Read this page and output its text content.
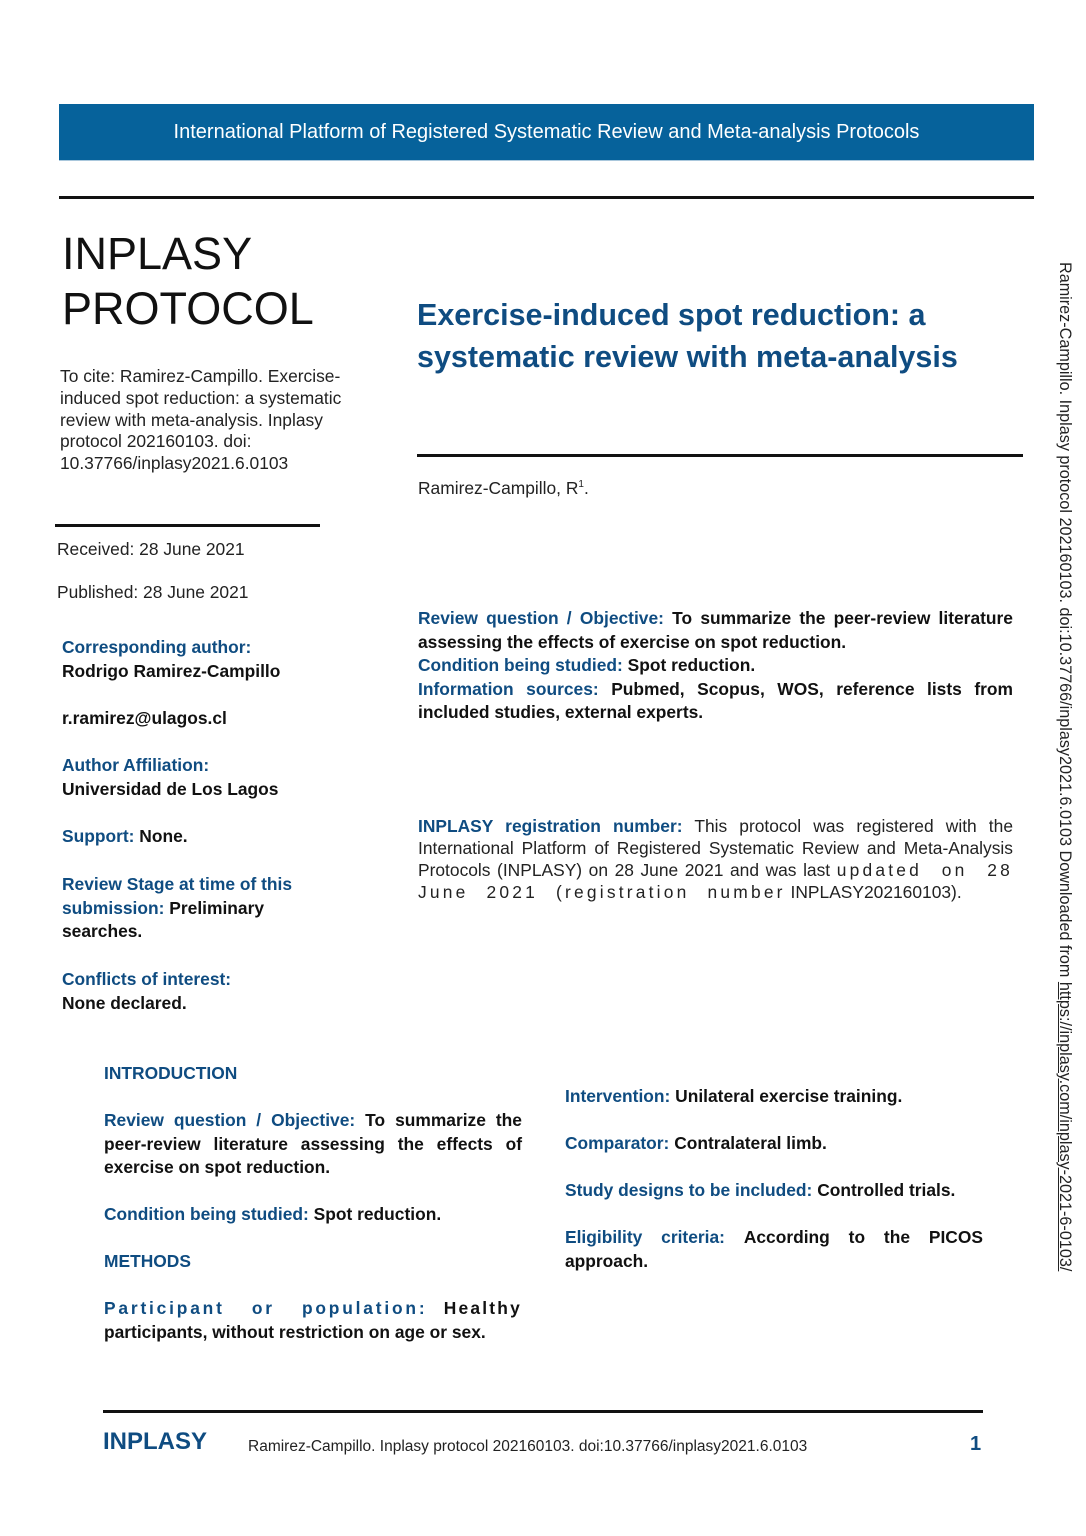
International Platform of Registered Systematic Review and Meta-analysis Protocols
INPLASY
PROTOCOL
To cite: Ramirez-Campillo. Exercise-induced spot reduction: a systematic review with meta-analysis. Inplasy protocol 202160103. doi: 10.37766/inplasy2021.6.0103
Received: 28 June 2021
Published: 28 June 2021
Corresponding author:
Rodrigo Ramirez-Campillo
r.ramirez@ulagos.cl
Author Affiliation:
Universidad de Los Lagos
Support: None.
Review Stage at time of this
submission: Preliminary
searches.
Conflicts of interest:
None declared.
Exercise-induced spot reduction: a systematic review with meta-analysis
Ramirez-Campillo, $R^1$.

Review question / Objective: To summarize the peer-review literature assessing the effects of exercise on spot reduction.

Condition being studied: Spot reduction.

Information sources: Pubmed, Scopus, WOS, reference lists from included studies, external experts.

INPLASY registration number: This protocol was registered with the International Platform of Registered Systematic Review and Meta-Analysis Protocols (INPLASY) on 28 June 2021 and was last updated on 28 June 2021 (registration number INPLASY202160103).
INTRODUCTION

Review question / Objective: To summarize the peer-review literature assessing the effects of exercise on spot reduction.

Condition being studied: Spot reduction.

METHODS

Participant or population: Healthy participants, without restriction on age or sex.

Intervention: Unilateral exercise training.

Comparator: Contralateral limb.

Study designs to be included: Controlled trials.

Eligibility criteria: According to the PICOS approach.

INPLASY	Ramirez-Campillo. Inplasy protocol 202160103. doi:10.37766/inplasy2021.6.0103	1
Ramirez-Campillo. Inplasy protocol 202160103. doi:10.37766/inplasy2021.6.0103 Downloaded from https://inplasy.com/inplasy-2021-6-0103/
